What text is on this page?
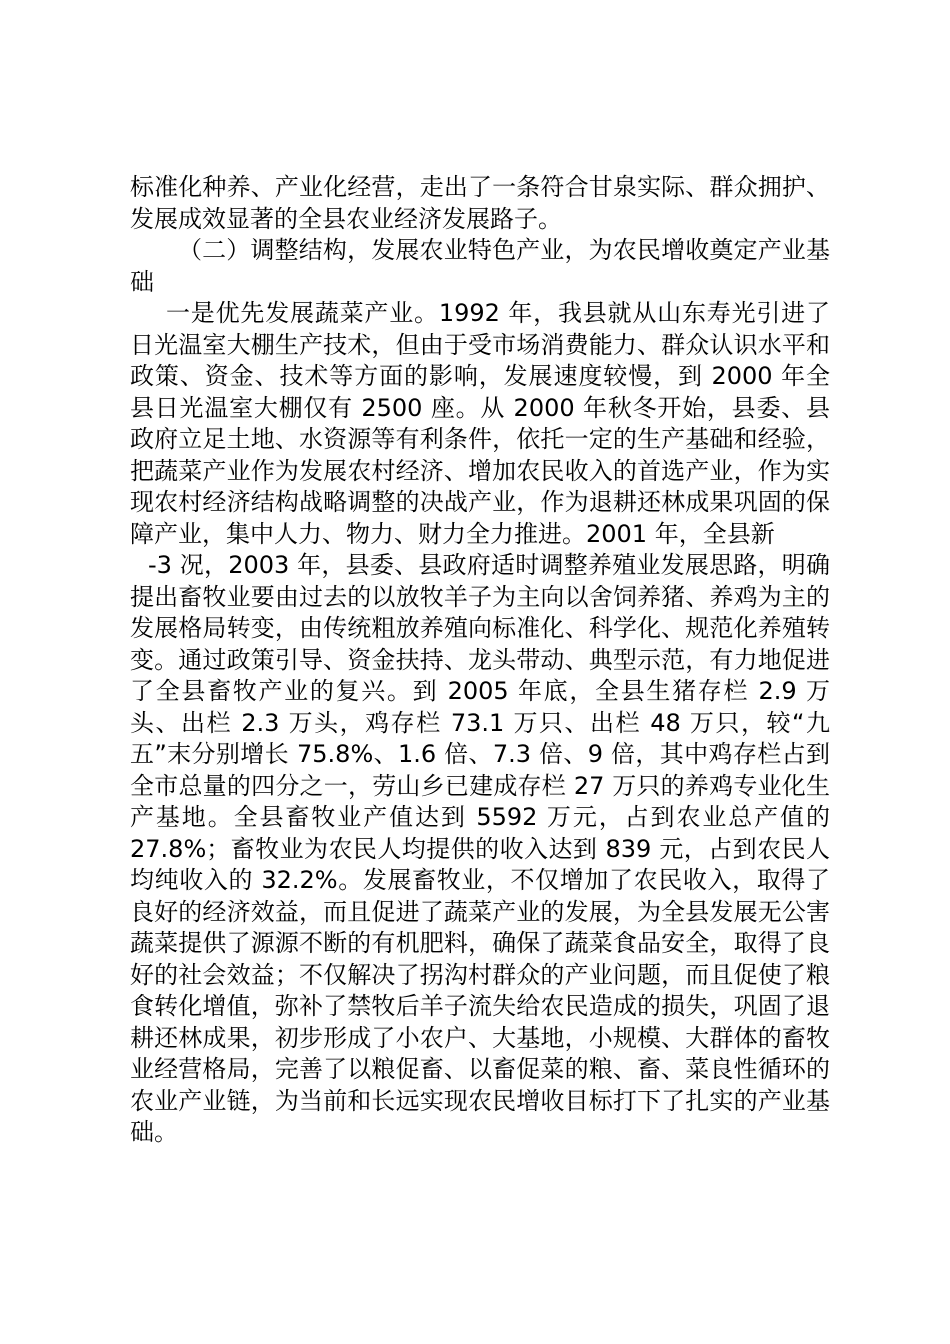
标准化种养、产业化经营，走出了一条符合甘泉实际、群众拥护、发展成效显著的全县农业经济发展路子。

（二）调整结构，发展农业特色产业，为农民增收奠定产业基础

一是优先发展蔬菜产业。1992 年，我县就从山东寿光引进了日光温室大棚生产技术，但由于受市场消费能力、群众认识水平和政策、资金、技术等方面的影响，发展速度较慢，到 2000 年全县日光温室大棚仅有 2500 座。从 2000 年秋冬开始，县委、县政府立足土地、水资源等有利条件，依托一定的生产基础和经验，把蔬菜产业作为发展农村经济、增加农民收入的首选产业，作为实现农村经济结构战略调整的决战产业，作为退耕还林成果巩固的保障产业，集中人力、物力、财力全力推进。2001 年，全县新

-3 况，2003 年，县委、县政府适时调整养殖业发展思路，明确提出畜牧业要由过去的以放牧羊子为主向以舍饲养猪、养鸡为主的发展格局转变，由传统粗放养殖向标准化、科学化、规范化养殖转变。通过政策引导、资金扶持、龙头带动、典型示范，有力地促进了全县畜牧产业的复兴。到 2005 年底，全县生猪存栏 2.9 万头、出栏 2.3 万头，鸡存栏 73.1 万只、出栏 48 万只，较“九五”末分别增长 75.8%、1.6 倍、7.3 倍、9 倍，其中鸡存栏占到全市总量的四分之一，劳山乡已建成存栏 27 万只的养鸡专业化生产基地。全县畜牧业产值达到 5592 万元，占到农业总产值的 27.8%；畜牧业为农民人均提供的收入达到 839 元，占到农民人均纯收入的 32.2%。发展畜牧业，不仅增加了农民收入，取得了良好的经济效益，而且促进了蔬菜产业的发展，为全县发展无公害蔬菜提供了源源不断的有机肥料，确保了蔬菜食品安全，取得了良好的社会效益；不仅解决了拐沟村群众的产业问题，而且促使了粮食转化增值，弥补了禁牧后羊子流失给农民造成的损失，巩固了退耕还林成果，初步形成了小农户、大基地，小规模、大群体的畜牧业经营格局，完善了以粮促畜、以畜促菜的粮、畜、菜良性循环的农业产业链，为当前和长远实现农民增收目标打下了扎实的产业基础。
